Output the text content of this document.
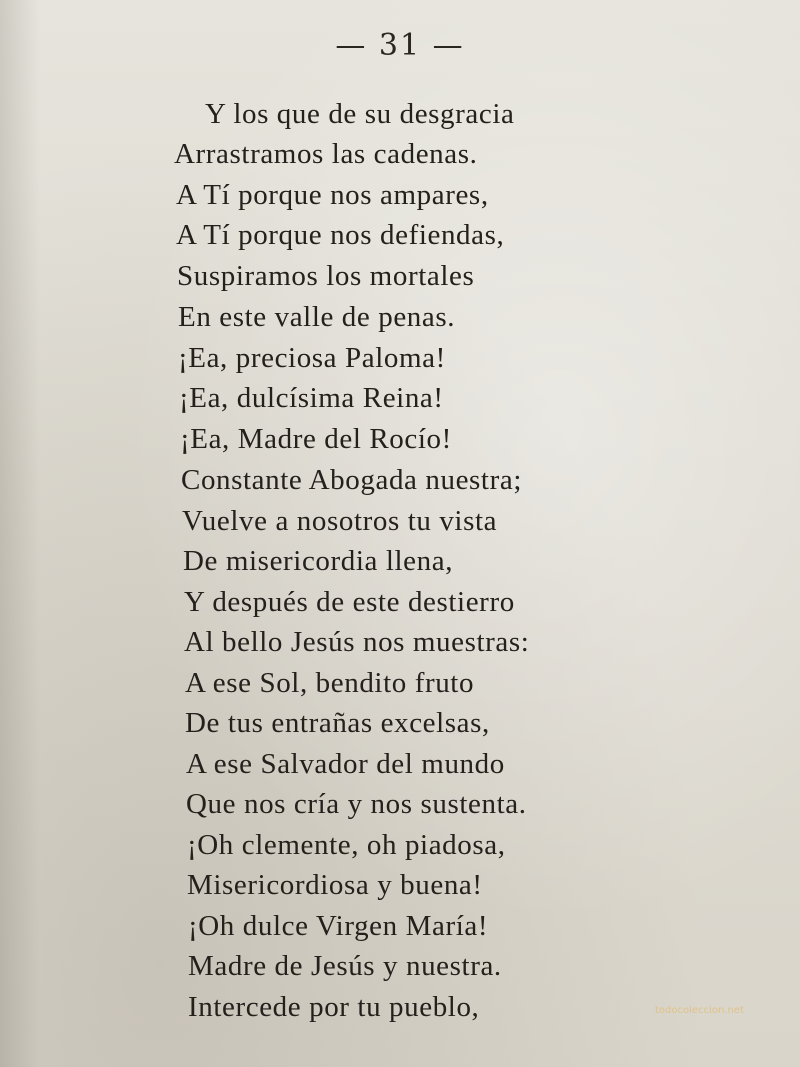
— 31 —
Y los que de su desgracia
Arrastramos las cadenas.
A Tí porque nos ampares,
A Tí porque nos defiendas,
Suspiramos los mortales
En este valle de penas.
¡Ea, preciosa Paloma!
¡Ea, dulcísima Reina!
¡Ea, Madre del Rocío!
Constante Abogada nuestra;
Vuelve a nosotros tu vista
De misericordia llena,
Y después de este destierro
Al bello Jesús nos muestras:
A ese Sol, bendito fruto
De tus entrañas excelsas,
A ese Salvador del mundo
Que nos cría y nos sustenta.
¡Oh clemente, oh piadosa,
Misericordiosa y buena!
¡Oh dulce Virgen María!
Madre de Jesús y nuestra.
Intercede por tu pueblo,	todocoleccion.net
